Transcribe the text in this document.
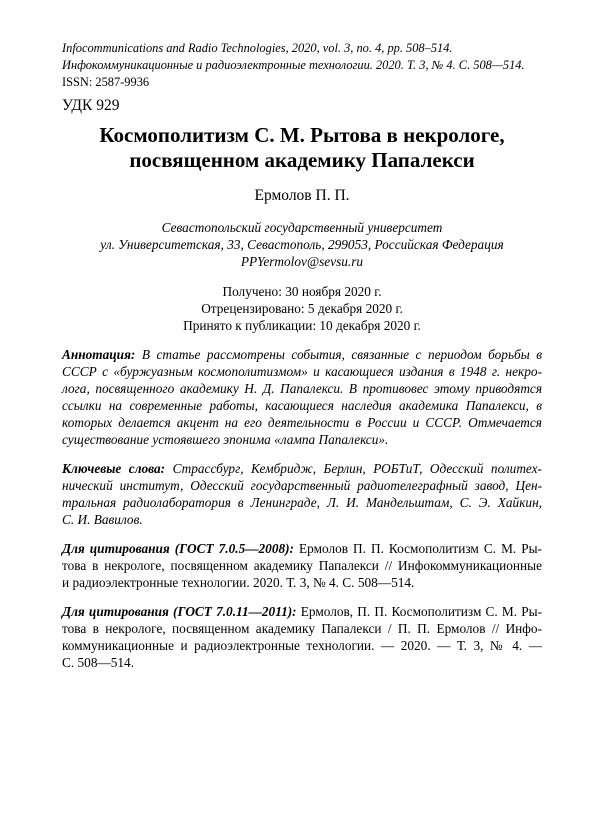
Infocommunications and Radio Technologies, 2020, vol. 3, no. 4, pp. 508–514.
Инфокоммуникационные и радиоэлектронные технологии. 2020. Т. 3, № 4. С. 508—514.
ISSN: 2587-9936
УДК 929
Космополитизм С. М. Рытова в некрологе,
посвященном академику Папалекси
Ермолов П. П.
Севастопольский государственный университет
ул. Университетская, 33, Севастополь, 299053, Российская Федерация
PPYermolov@sevsu.ru
Получено: 30 ноября 2020 г.
Отрецензировано: 5 декабря 2020 г.
Принято к публикации: 10 декабря 2020 г.
Аннотация: В статье рассмотрены события, связанные с периодом борьбы в
СССР с «буржуазным космополитизмом» и касающиеся издания в 1948 г. некро-
лога, посвященного академику Н. Д. Папалекси. В противовес этому приводятся
ссылки на современные работы, касающиеся наследия академика Папалекси, в
которых делается акцент на его деятельности в России и СССР. Отмечается
существование устоявшего эпонима «лампа Папалекси».
Ключевые слова: Страссбург, Кембридж, Берлин, РОБТиТ, Одесский политех-
нический институт, Одесский государственный радиотелеграфный завод, Цен-
тральная радиолаборатория в Ленинграде, Л. И. Мандельштам, С. Э. Хайкин,
С. И. Вавилов.
Для цитирования (ГОСТ 7.0.5—2008): Ермолов П. П. Космополитизм С. М. Ры-
това в некрологе, посвященном академику Папалекси // Инфокоммуникационные
и радиоэлектронные технологии. 2020. Т. 3, № 4. С. 508—514.
Для цитирования (ГОСТ 7.0.11—2011): Ермолов, П. П. Космополитизм С. М. Ры-
това в некрологе, посвященном академику Папалекси / П. П. Ермолов // Инфо-
коммуникационные и радиоэлектронные технологии. — 2020. — Т. 3, № 4. —
С. 508—514.
